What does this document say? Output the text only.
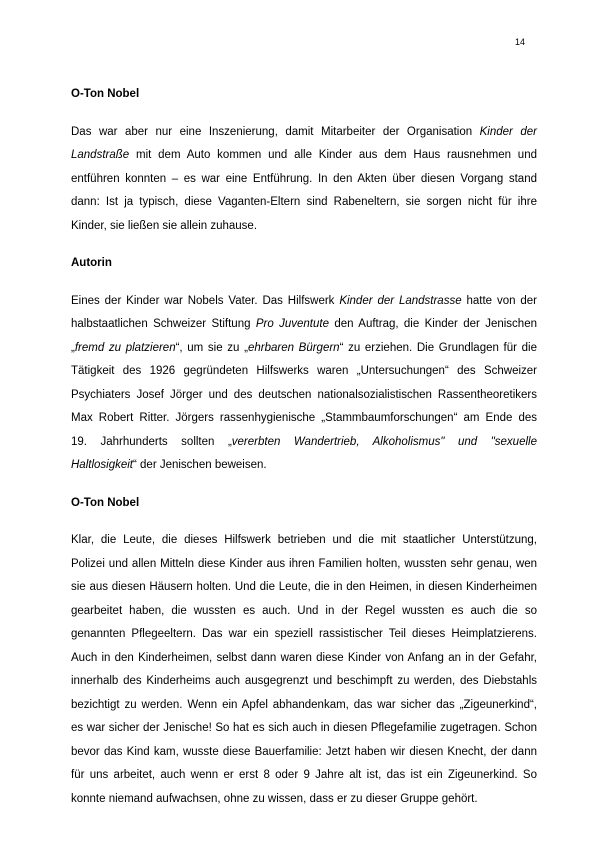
14
O-Ton Nobel
Das war aber nur eine Inszenierung, damit Mitarbeiter der Organisation Kinder der
Landstraße mit dem Auto kommen und alle Kinder aus dem Haus rausnehmen und
entführen konnten – es war eine Entführung. In den Akten über diesen Vorgang stand
dann: Ist ja typisch, diese Vaganten-Eltern sind Rabeneltern, sie sorgen nicht für ihre
Kinder, sie ließen sie allein zuhause.
Autorin
Eines der Kinder war Nobels Vater. Das Hilfswerk Kinder der Landstrasse hatte von der
halbstaatlichen Schweizer Stiftung Pro Juventute den Auftrag, die Kinder der Jenischen
„fremd zu platzieren“, um sie zu „ehrbaren Bürgern“ zu erziehen. Die Grundlagen für die
Tätigkeit des 1926 gegründeten Hilfswerks waren „Untersuchungen“ des Schweizer
Psychiaters Josef Jörger und des deutschen nationalsozialistischen Rassentheoretikers
Max Robert Ritter. Jörgers rassenhygienische „Stammbaumforschungen“ am Ende des
19. Jahrhunderts sollten „vererbten Wandertrieb, Alkoholismus" und "sexuelle
Haltlosigkeit“ der Jenischen beweisen.
O-Ton Nobel
Klar, die Leute, die dieses Hilfswerk betrieben und die mit staatlicher Unterstützung,
Polizei und allen Mitteln diese Kinder aus ihren Familien holten, wussten sehr genau, wen
sie aus diesen Häusern holten. Und die Leute, die in den Heimen, in diesen Kinderheimen
gearbeitet haben, die wussten es auch. Und in der Regel wussten es auch die so
genannten Pflegeeltern. Das war ein speziell rassistischer Teil dieses Heimplatzierens.
Auch in den Kinderheimen, selbst dann waren diese Kinder von Anfang an in der Gefahr,
innerhalb des Kinderheims auch ausgegrenzt und beschimpft zu werden, des Diebstahls
bezichtigt zu werden. Wenn ein Apfel abhandenkam, das war sicher das „Zigeunerkind“,
es war sicher der Jenische! So hat es sich auch in diesen Pflegefamilie zugetragen. Schon
bevor das Kind kam, wusste diese Bauerfamilie: Jetzt haben wir diesen Knecht, der dann
für uns arbeitet, auch wenn er erst 8 oder 9 Jahre alt ist, das ist ein Zigeunerkind. So
konnte niemand aufwachsen, ohne zu wissen, dass er zu dieser Gruppe gehört.
